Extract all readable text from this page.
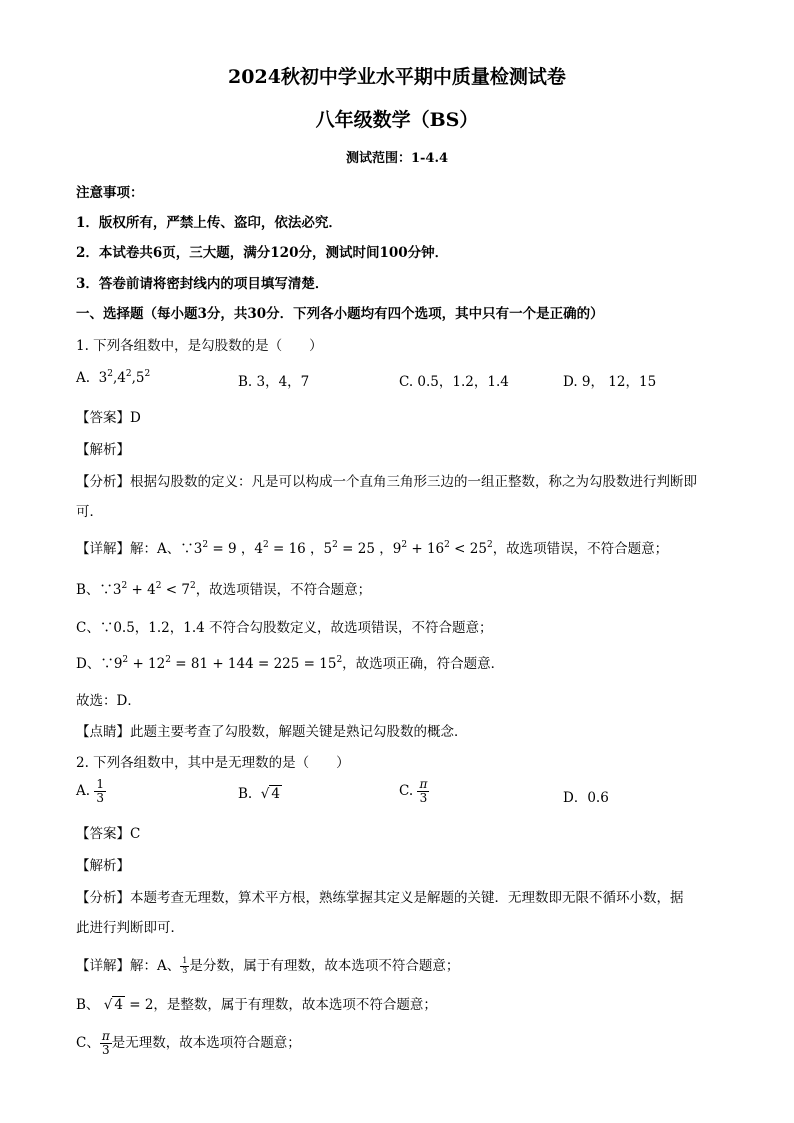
2024秋初中学业水平期中质量检测试卷
八年级数学（BS）
测试范围：1-4.4
注意事项：
1．版权所有，严禁上传、盗印，依法必究．
2．本试卷共6页，三大题，满分120分，测试时间100分钟．
3．答卷前请将密封线内的项目填写清楚．
一、选择题（每小题3分，共30分．下列各小题均有四个选项，其中只有一个是正确的）
1. 下列各组数中，是勾股数的是（　　）
A.  $3^2,4^2,5^2$	B. 3，4，7	C. 0.5，1.2，1.4	D. 9， 12，15
【答案】D
【解析】
【分析】根据勾股数的定义：凡是可以构成一个直角三角形三边的一组正整数，称之为勾股数进行判断即
可．
【详解】解：A、$\because 3^2 = 9$ ，$4^2 = 16$ ，$5^2 = 25$ ，$9^2 + 16^2 < 25^2$，故选项错误，不符合题意；
B、$\because 3^2 + 4^2 < 7^2$，故选项错误，不符合题意；
C、∵0.5，1.2，1.4 不符合勾股数定义，故选项错误，不符合题意；
D、$\because 9^2 + 12^2 = 81 + 144 = 225 = 15^2$，故选项正确，符合题意．
故选：D．
【点睛】此题主要考查了勾股数，解题关键是熟记勾股数的概念．
2. 下列各组数中，其中是无理数的是（　　）
A. $\frac{1}{3}$	B.  √ 4	C. $\frac{\pi}{3}$	D．0.6
【答案】C
【解析】
【分析】本题考查无理数，算术平方根，熟练掌握其定义是解题的关键．无理数即无限不循环小数，据
此进行判断即可．
【详解】解：A、 $\frac{1}{3}$ 是分数，属于有理数，故本选项不符合题意；
B、 √ 4 = 2，是整数，属于有理数，故本选项不符合题意；
C、 $\frac{\pi}{3}$ 是无理数，故本选项符合题意；
